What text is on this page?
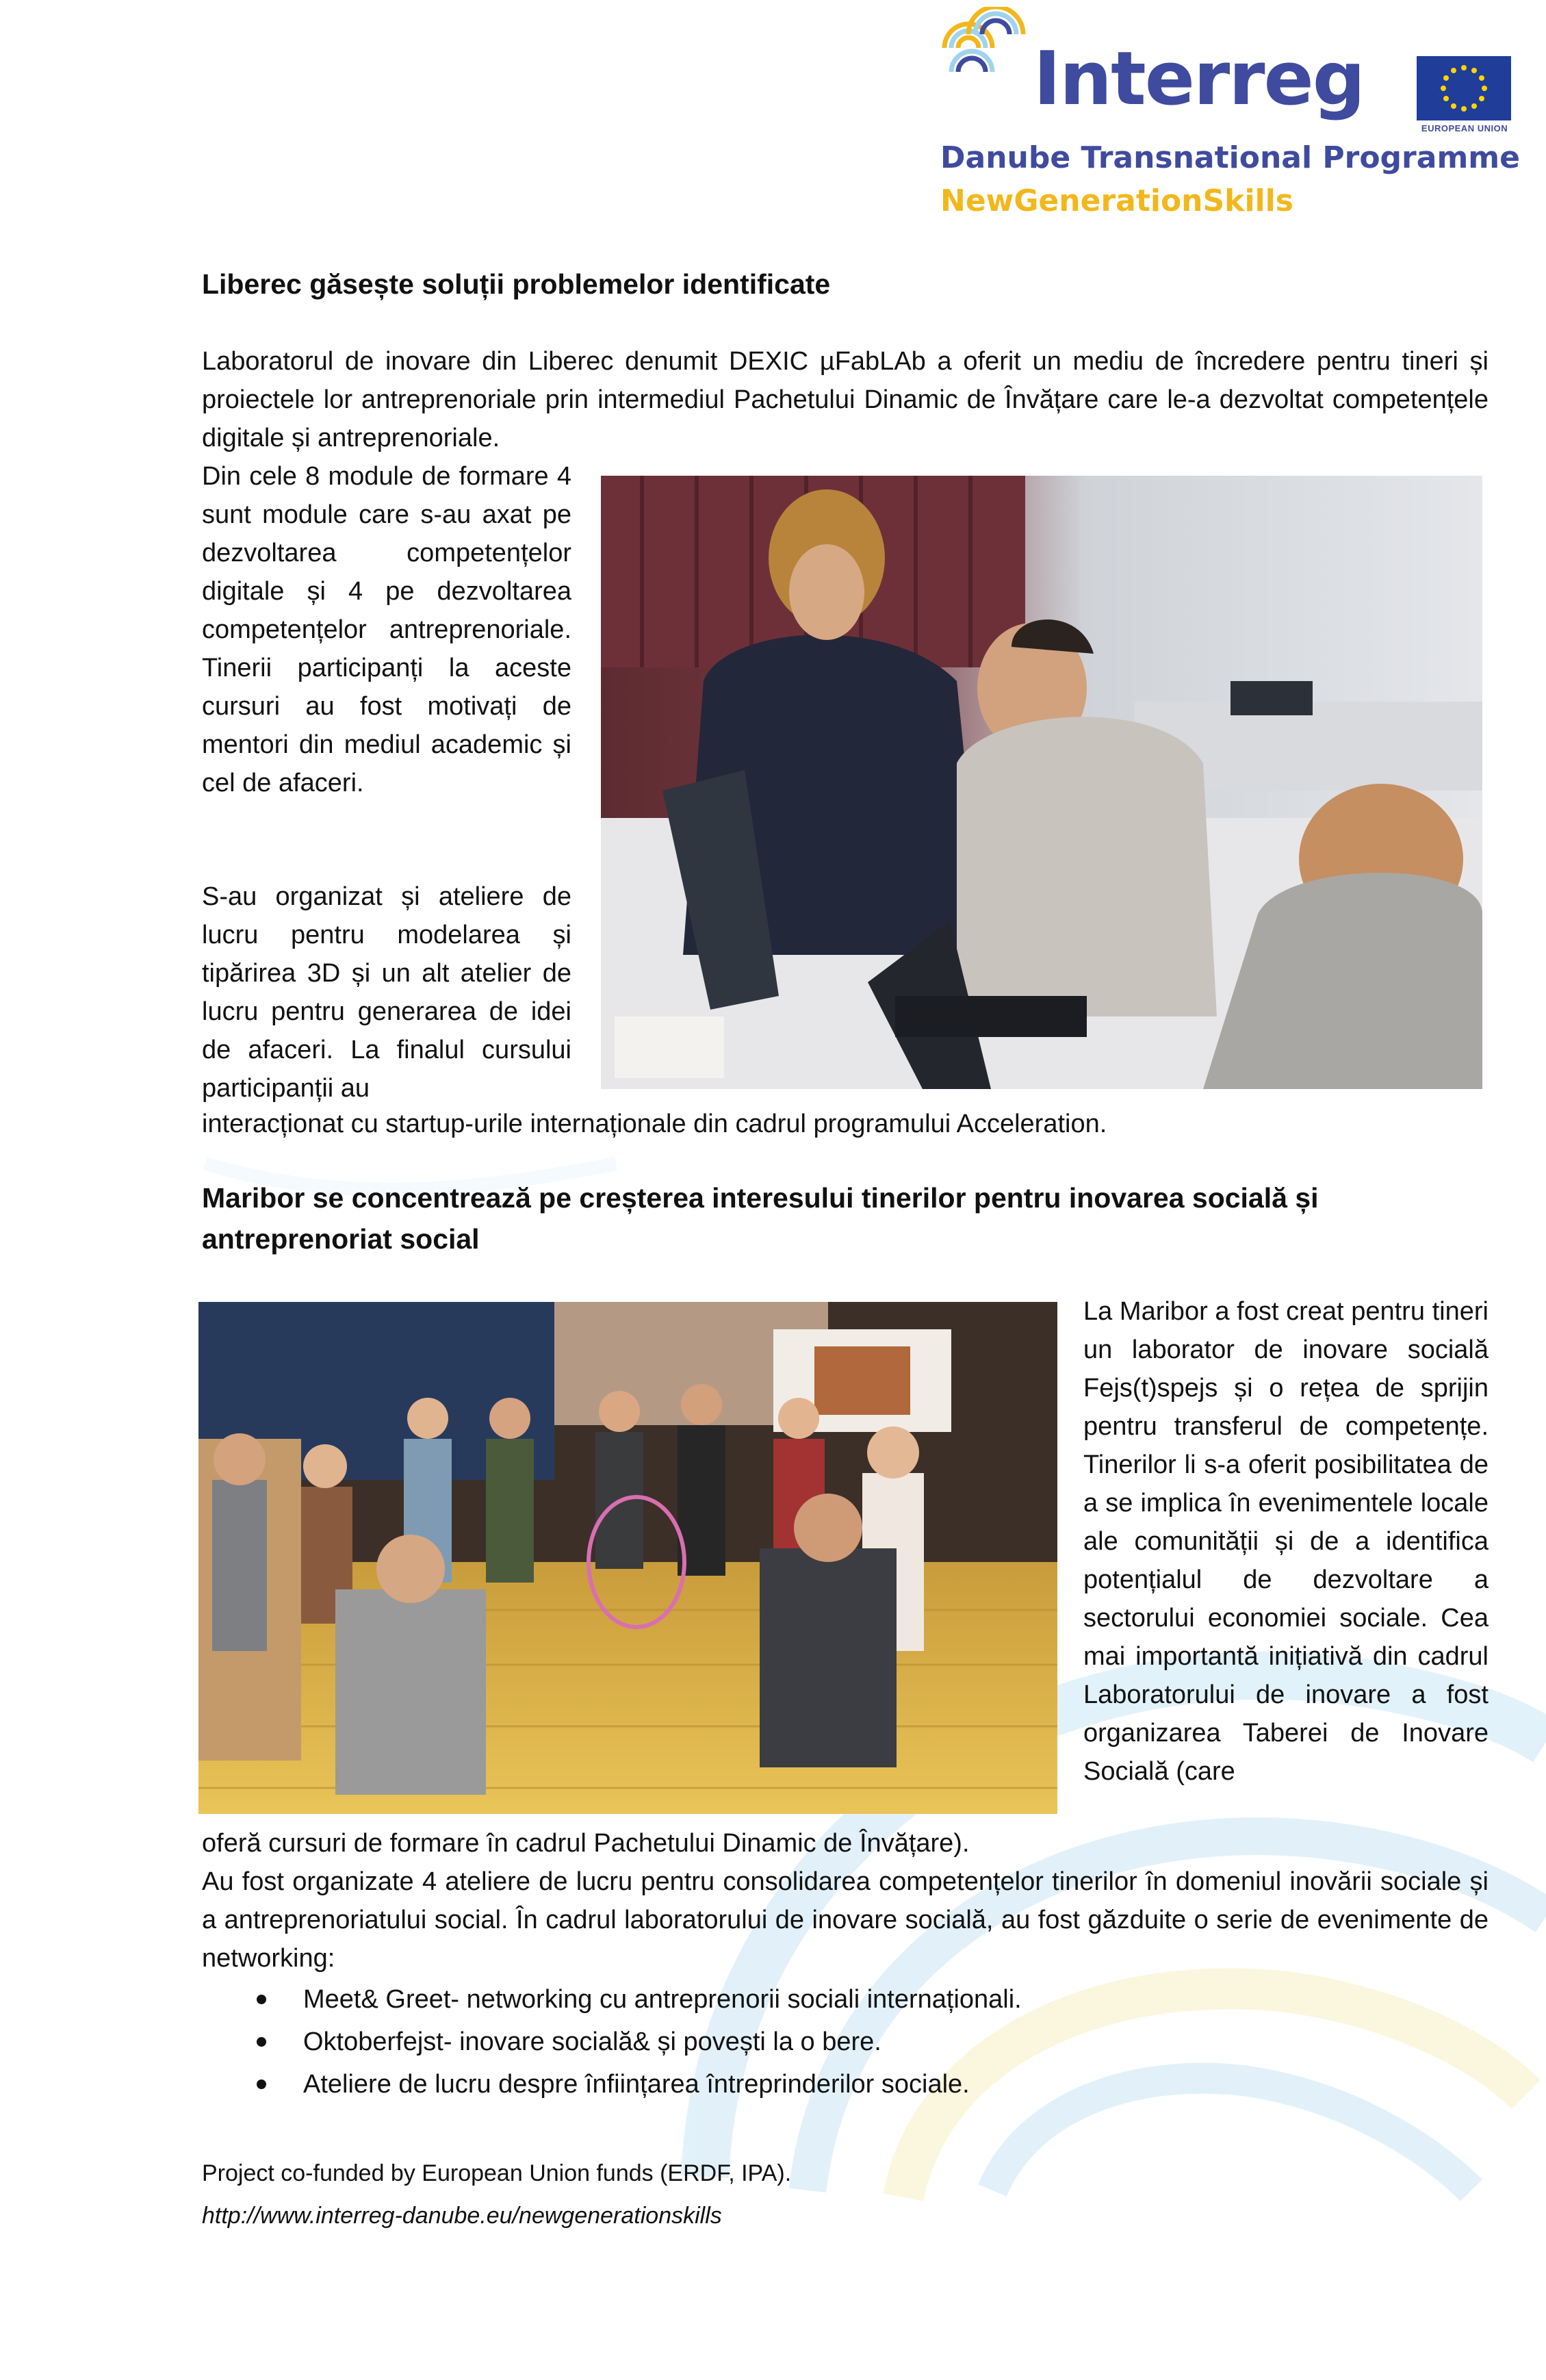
Interreg
EUROPEAN UNION
Danube Transnational Programme
NewGenerationSkills
Liberec găsește soluții problemelor identificate
Laboratorul de inovare din Liberec denumit DEXIC µFabLAb a oferit un mediu de încredere pentru tineri și proiectele lor antreprenoriale prin intermediul Pachetului Dinamic de Învățare care le-a dezvoltat competențele digitale și antreprenoriale.
Din cele 8 module de formare 4 sunt module care s-au axat pe dezvoltarea competențelor digitale și 4 pe dezvoltarea competențelor antreprenoriale. Tinerii participanți la aceste cursuri au fost motivați de mentori din mediul academic și cel de afaceri.
S-au organizat și ateliere de lucru pentru modelarea și tipărirea 3D și un alt atelier de lucru pentru generarea de idei de afaceri. La finalul cursului participanții au
interacționat cu startup-urile internaționale din cadrul programului Acceleration.
Maribor se concentrează pe creșterea interesului tinerilor pentru inovarea socială și antreprenoriat social
La Maribor a fost creat pentru tineri un laborator de inovare socială Fejs(t)spejs și o rețea de sprijin pentru transferul de competențe. Tinerilor li s-a oferit posibilitatea de a se implica în evenimentele locale ale comunității și de a identifica potențialul de dezvoltare a sectorului economiei sociale. Cea mai importantă inițiativă din cadrul Laboratorului de inovare a fost organizarea Taberei de Inovare Socială (care
oferă cursuri de formare în cadrul Pachetului Dinamic de Învățare).
Au fost organizate 4 ateliere de lucru pentru consolidarea competențelor tinerilor în domeniul inovării sociale și a antreprenoriatului social. În cadrul laboratorului de inovare socială, au fost găzduite o serie de evenimente de networking:
Meet& Greet- networking cu antreprenorii sociali internaționali.
Oktoberfejst- inovare socială& și povești la o bere.
Ateliere de lucru despre înființarea întreprinderilor sociale.
Project co-funded by European Union funds (ERDF, IPA).
http://www.interreg-danube.eu/newgenerationskills
